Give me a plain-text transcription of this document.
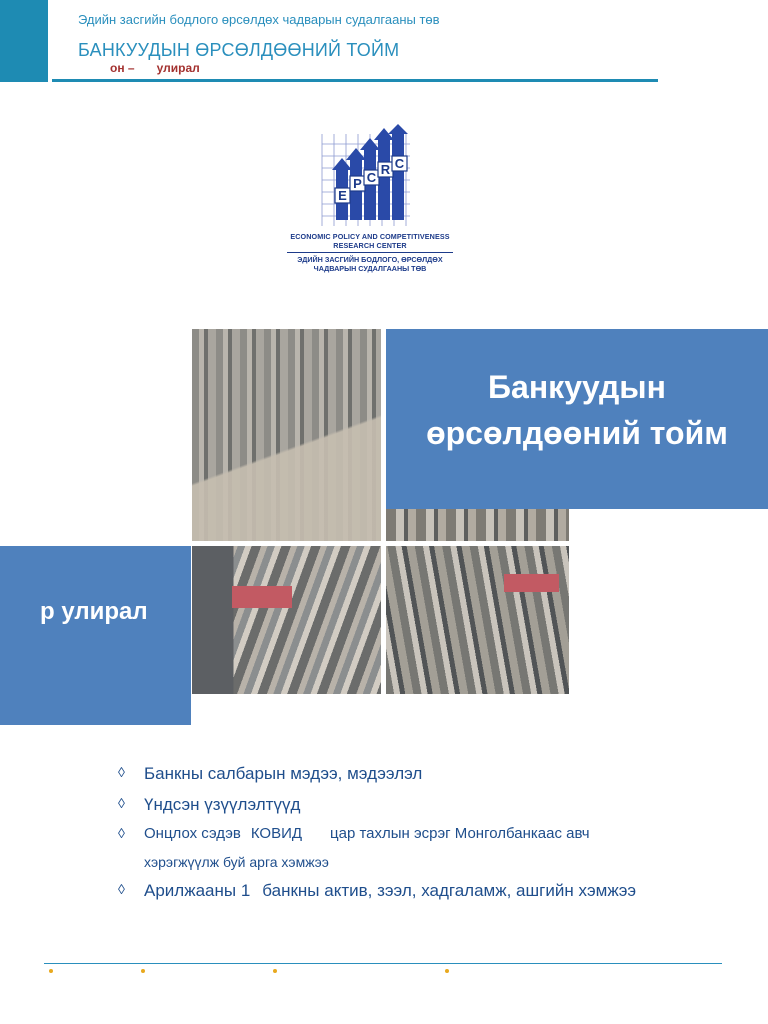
Эдийн засгийн бодлого өрсөлдөх чадварын судалгааны төв
БАНКУУДЫН ӨРСӨЛДӨӨНИЙ ТОЙМ
он – улирал
E
P C
R C
ECONOMIC POLICY AND COMPETITIVENESS
RESEARCH CENTER
ЭДИЙН ЗАСГИЙН БОДЛОГО, ӨРСӨЛДӨХ
ЧАДВАРЫН СУДАЛГААНЫ ТӨВ
Банкуудын
өрсөлдөөний тойм
р улирал
◊	Банкны салбарын мэдээ, мэдээлэл
◊	Үндсэн үзүүлэлтүүд
◊	Онцлох сэдэв КОВИД цар тахлын эсрэг Монголбанкаас авч
хэрэгжүүлж буй арга хэмжээ
◊	Арилжааны 1 банкны актив, зээл, хадгаламж, ашгийн хэмжээ
